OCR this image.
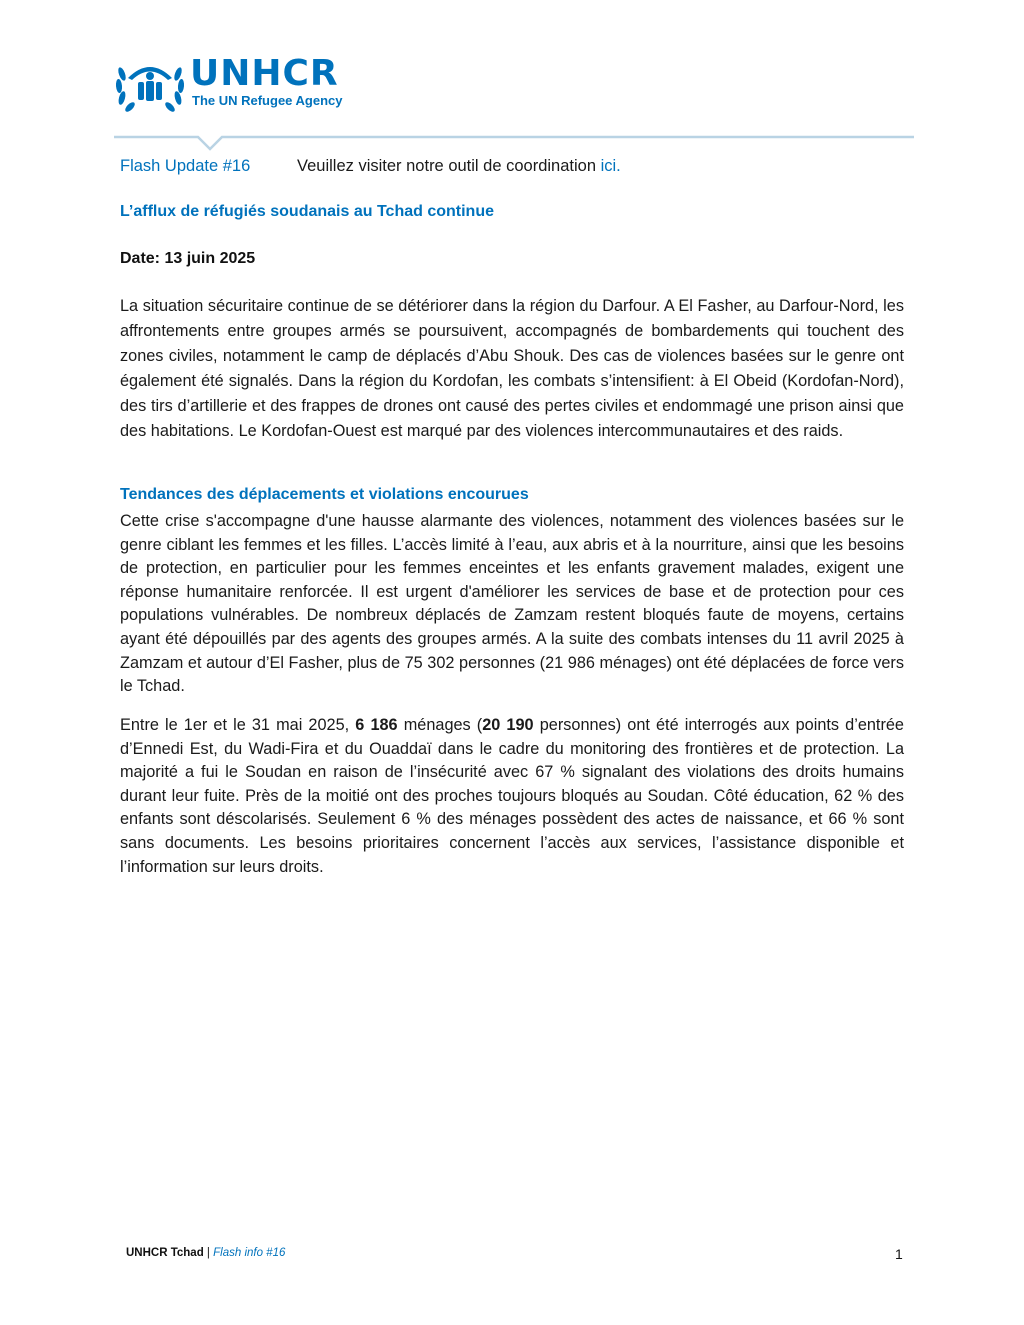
UNHCR
The UN Refugee Agency
Flash Update #16	Veuillez visiter notre outil de coordination ici.
L’afflux de réfugiés soudanais au Tchad continue
Date: 13 juin 2025

La situation sécuritaire continue de se détériorer dans la région du Darfour. A El Fasher, au Darfour-Nord, les affrontements entre groupes armés se poursuivent, accompagnés de bombardements qui touchent des zones civiles, notamment le camp de déplacés d’Abu Shouk. Des cas de violences basées sur le genre ont également été signalés. Dans la région du Kordofan, les combats s’intensifient: à El Obeid (Kordofan-Nord), des tirs d’artillerie et des frappes de drones ont causé des pertes civiles et endommagé une prison ainsi que des habitations. Le Kordofan-Ouest est marqué par des violences intercommunautaires et des raids.

Tendances des déplacements et violations encourues

Cette crise s'accompagne d'une hausse alarmante des violences, notamment des violences basées sur le genre ciblant les femmes et les filles. L’accès limité à l’eau, aux abris et à la nourriture, ainsi que les besoins de protection, en particulier pour les femmes enceintes et les enfants gravement malades, exigent une réponse humanitaire renforcée. Il est urgent d'améliorer les services de base et de protection pour ces populations vulnérables. De nombreux déplacés de Zamzam restent bloqués faute de moyens, certains ayant été dépouillés par des agents des groupes armés. A la suite des combats intenses du 11 avril 2025 à Zamzam et autour d’El Fasher, plus de 75 302 personnes (21 986 ménages) ont été déplacées de force vers le Tchad.

Entre le 1er et le 31 mai 2025, 6 186 ménages (20 190 personnes) ont été interrogés aux points d’entrée d’Ennedi Est, du Wadi-Fira et du Ouaddaï dans le cadre du monitoring des frontières et de protection. La majorité a fui le Soudan en raison de l’insécurité avec 67 % signalant des violations des droits humains durant leur fuite. Près de la moitié ont des proches toujours bloqués au Soudan. Côté éducation, 62 % des enfants sont déscolarisés. Seulement 6 % des ménages possèdent des actes de naissance, et 66 % sont sans documents. Les besoins prioritaires concernent l’accès aux services, l’assistance disponible et l’information sur leurs droits.

UNHCR Tchad | Flash info #16	1
